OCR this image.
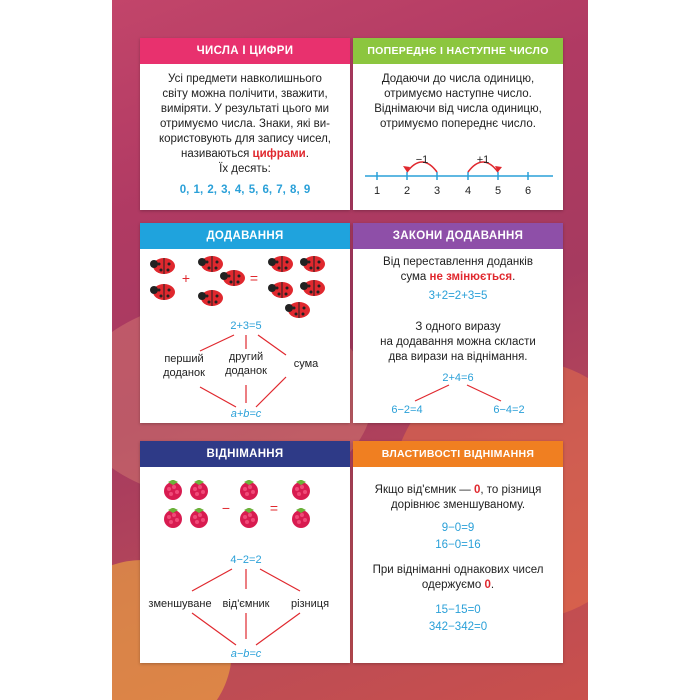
ЧИСЛА І ЦИФРИ
Усі предмети навколишнього
світу можна полічити, зважити,
виміряти. У результаті цього ми
отримуємо числа. Знаки, які ви-
користовують для запису чисел,
називаються цифрами.
Їх десять:
0, 1, 2, 3, 4, 5, 6, 7, 8, 9
ПОПЕРЕДНЄ І НАСТУПНЕ ЧИСЛО
Додаючи до числа одиницю,
отримуємо наступне число.
Віднімаючи від числа одиницю,
отримуємо попереднє число.
1 2 3 4 5 6
−1	+1
ДОДАВАННЯ
+	=
2+3=5
перший
доданок
другий
доданок
сума
a+b=c
ЗАКОНИ ДОДАВАННЯ
Від переставлення доданків
сума не змінюється.
3+2=2+3=5
З одного виразу
на додавання можна скласти
два вирази на віднімання.
2+4=6
6−2=4	6−4=2
ВІДНІМАННЯ
−	=
4−2=2
зменшуване від'ємник різниця
a−b=c
ВЛАСТИВОСТІ ВІДНІМАННЯ
Якщо від'ємник — 0, то різниця
дорівнює зменшуваному.
9−0=9
16−0=16
При відніманні однакових чисел
одержуємо 0.
15−15=0
342−342=0
